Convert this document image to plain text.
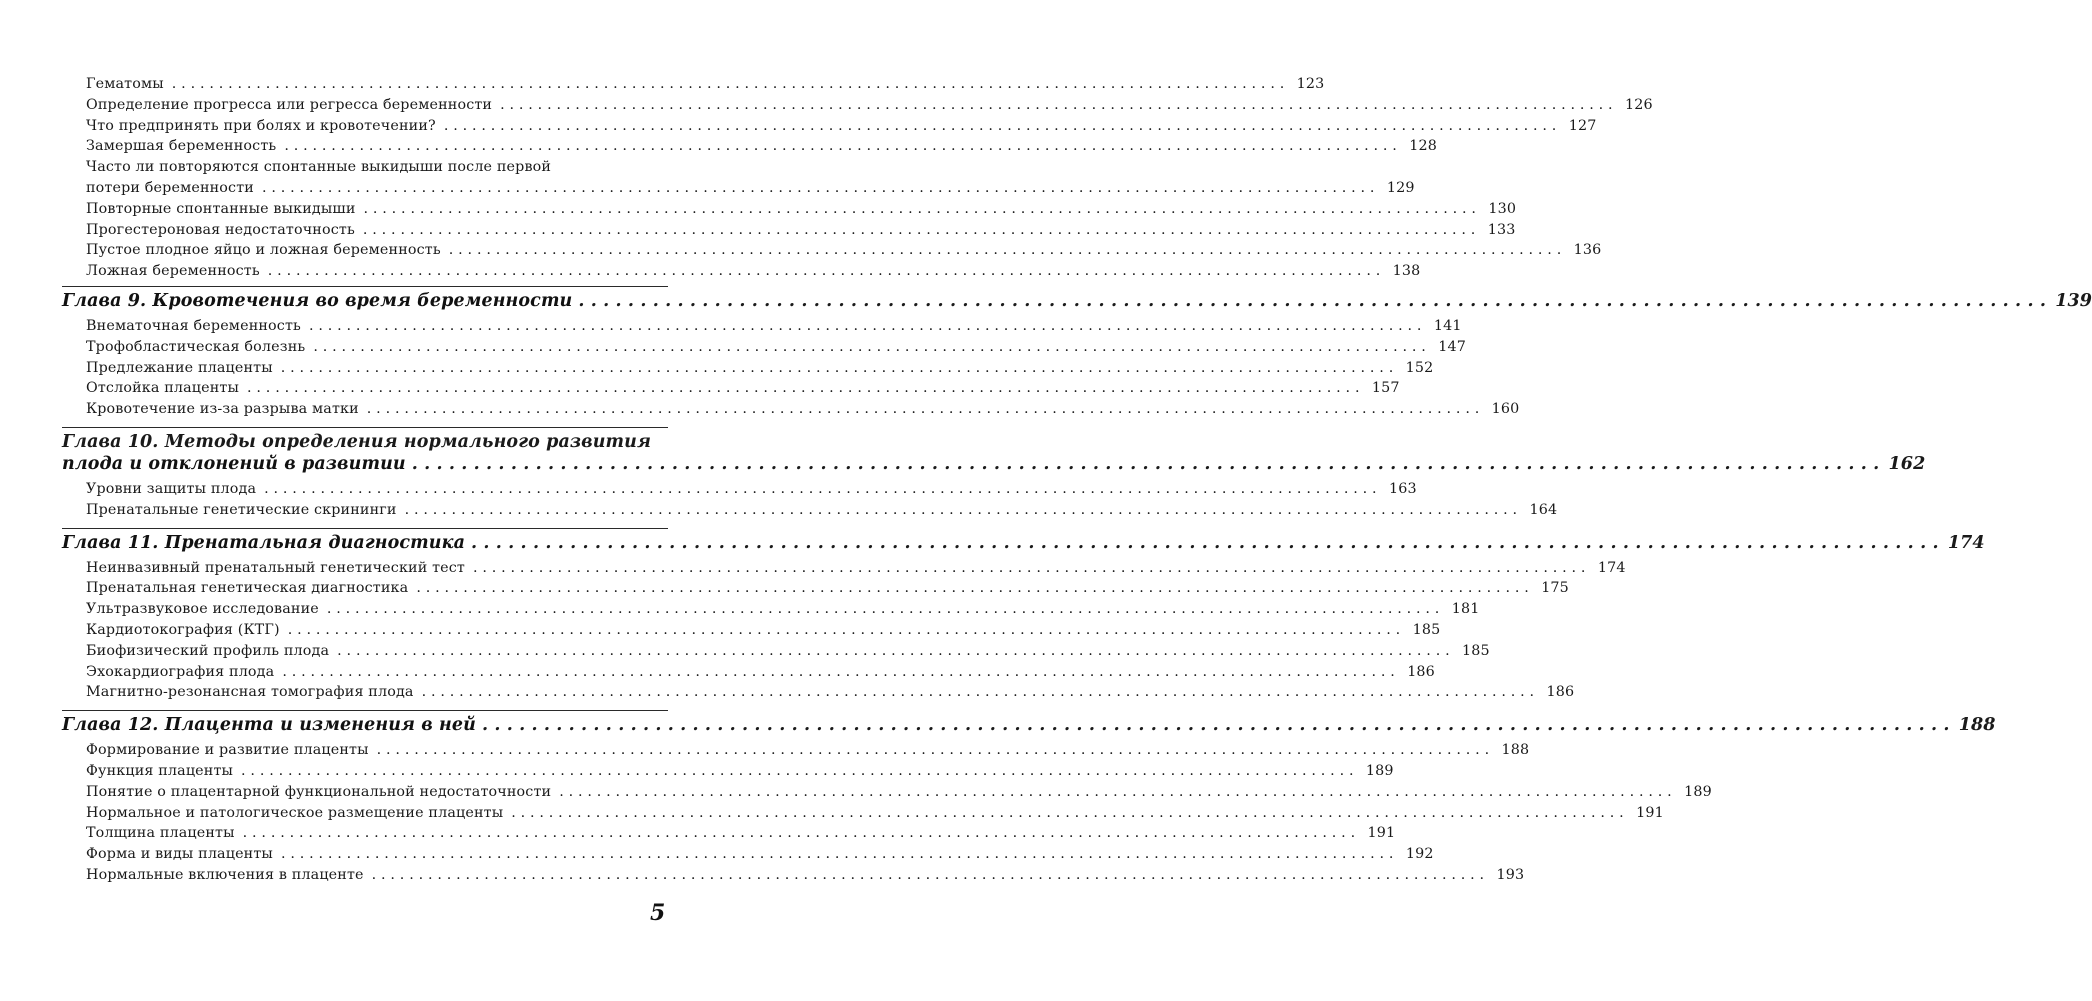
Гематомы . . .	123
Определение прогресса или регресса беременности . . .	126
Что предпринять при болях и кровотечении? . . .	127
Замершая беременность . . .	128
Часто ли повторяются спонтанные выкидыши после первой
потери беременности . . .	129
Повторные спонтанные выкидыши . . .	130
Прогестероновая недостаточность . . .	133
Пустое плодное яйцо и ложная беременность . . .	136
Ложная беременность . . .	138
Глава 9. Кровотечения во время беременности . . .	139
Внематочная беременность . . .	141
Трофобластическая болезнь . . .	147
Предлежание плаценты . . .	152
Отслойка плаценты . . .	157
Кровотечение из-за разрыва матки . . .	160
Глава 10. Методы определения нормального развития
плода и отклонений в развитии . . .	162
Уровни защиты плода . . .	163
Пренатальные генетические скрининги . . .	164
Глава 11. Пренатальная диагностика . . .	174
Неинвазивный пренатальный генетический тест . . .	174
Пренатальная генетическая диагностика . . .	175
Ультразвуковое исследование . . .	181
Кардиотокография (КТГ) . . .	185
Биофизический профиль плода . . .	185
Эхокардиография плода . . .	186
Магнитно-резонансная томография плода . . .	186
Глава 12. Плацента и изменения в ней . . .	188
Формирование и развитие плаценты . . .	188
Функция плаценты . . .	189
Понятие о плацентарной функциональной недостаточности . . .	189
Нормальное и патологическое размещение плаценты . . .	191
Толщина плаценты . . .	191
Форма и виды плаценты . . .	192
Нормальные включения в плаценте . . .	193
5
